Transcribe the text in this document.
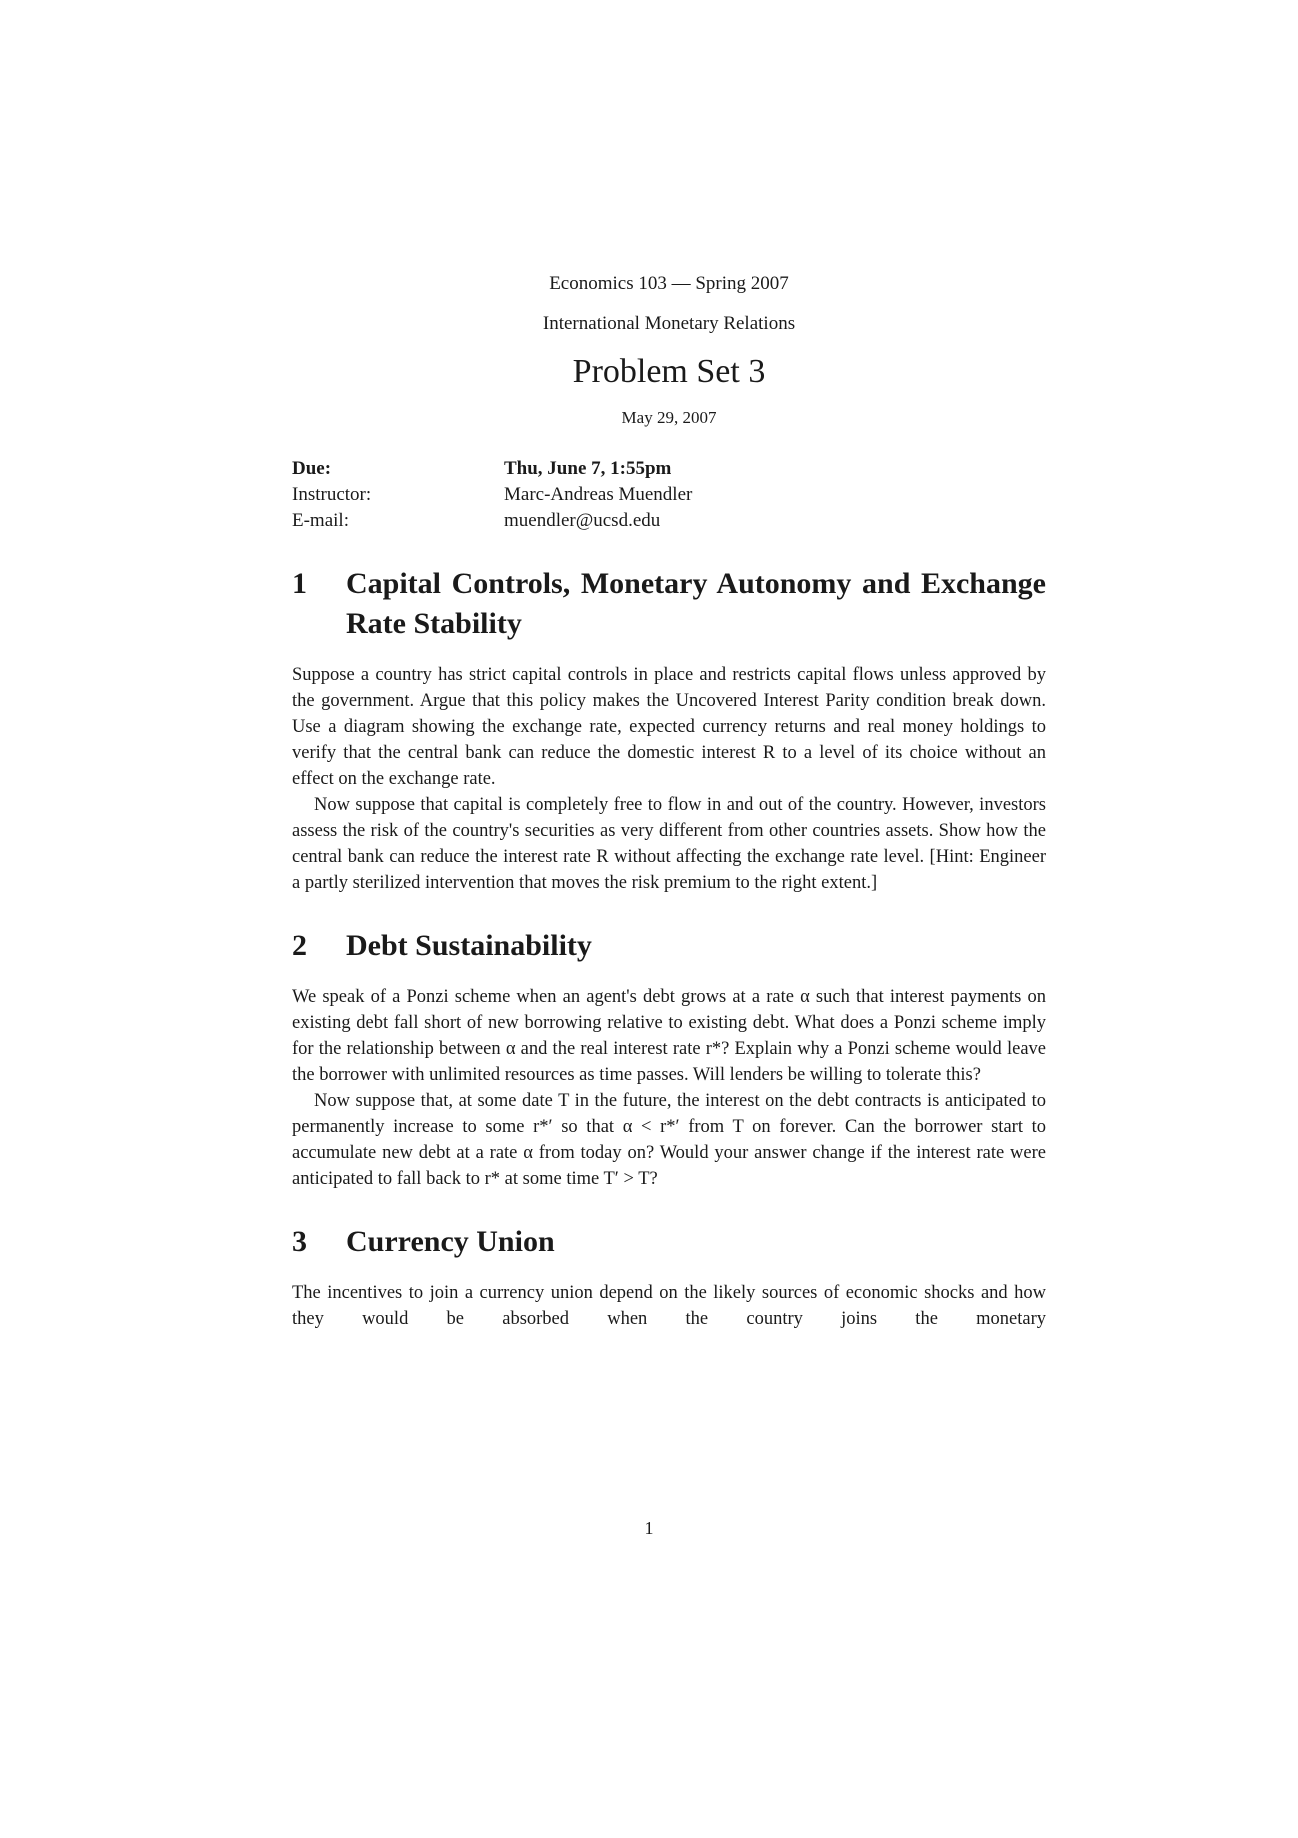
Economics 103 — Spring 2007
International Monetary Relations
Problem Set 3
May 29, 2007
Due:	Thu, June 7, 1:55pm
Instructor:	Marc-Andreas Muendler
E-mail:	muendler@ucsd.edu
1	Capital Controls, Monetary Autonomy and Exchange Rate Stability

Suppose a country has strict capital controls in place and restricts capital flows unless approved by the government. Argue that this policy makes the Uncovered Interest Parity condition break down. Use a diagram showing the exchange rate, expected currency returns and real money holdings to verify that the central bank can reduce the domestic interest R to a level of its choice without an effect on the exchange rate.

Now suppose that capital is completely free to flow in and out of the country. However, investors assess the risk of the country's securities as very different from other countries assets. Show how the central bank can reduce the interest rate R without affecting the exchange rate level. [Hint: Engineer a partly sterilized intervention that moves the risk premium to the right extent.]

2	Debt Sustainability

We speak of a Ponzi scheme when an agent's debt grows at a rate α such that interest payments on existing debt fall short of new borrowing relative to existing debt. What does a Ponzi scheme imply for the relationship between α and the real interest rate r*? Explain why a Ponzi scheme would leave the borrower with unlimited resources as time passes. Will lenders be willing to tolerate this?

Now suppose that, at some date T in the future, the interest on the debt contracts is anticipated to permanently increase to some r*′ so that α < r*′ from T on forever. Can the borrower start to accumulate new debt at a rate α from today on? Would your answer change if the interest rate were anticipated to fall back to r* at some time T′ > T?

3	Currency Union

The incentives to join a currency union depend on the likely sources of economic shocks and how they would be absorbed when the country joins the monetary

1
